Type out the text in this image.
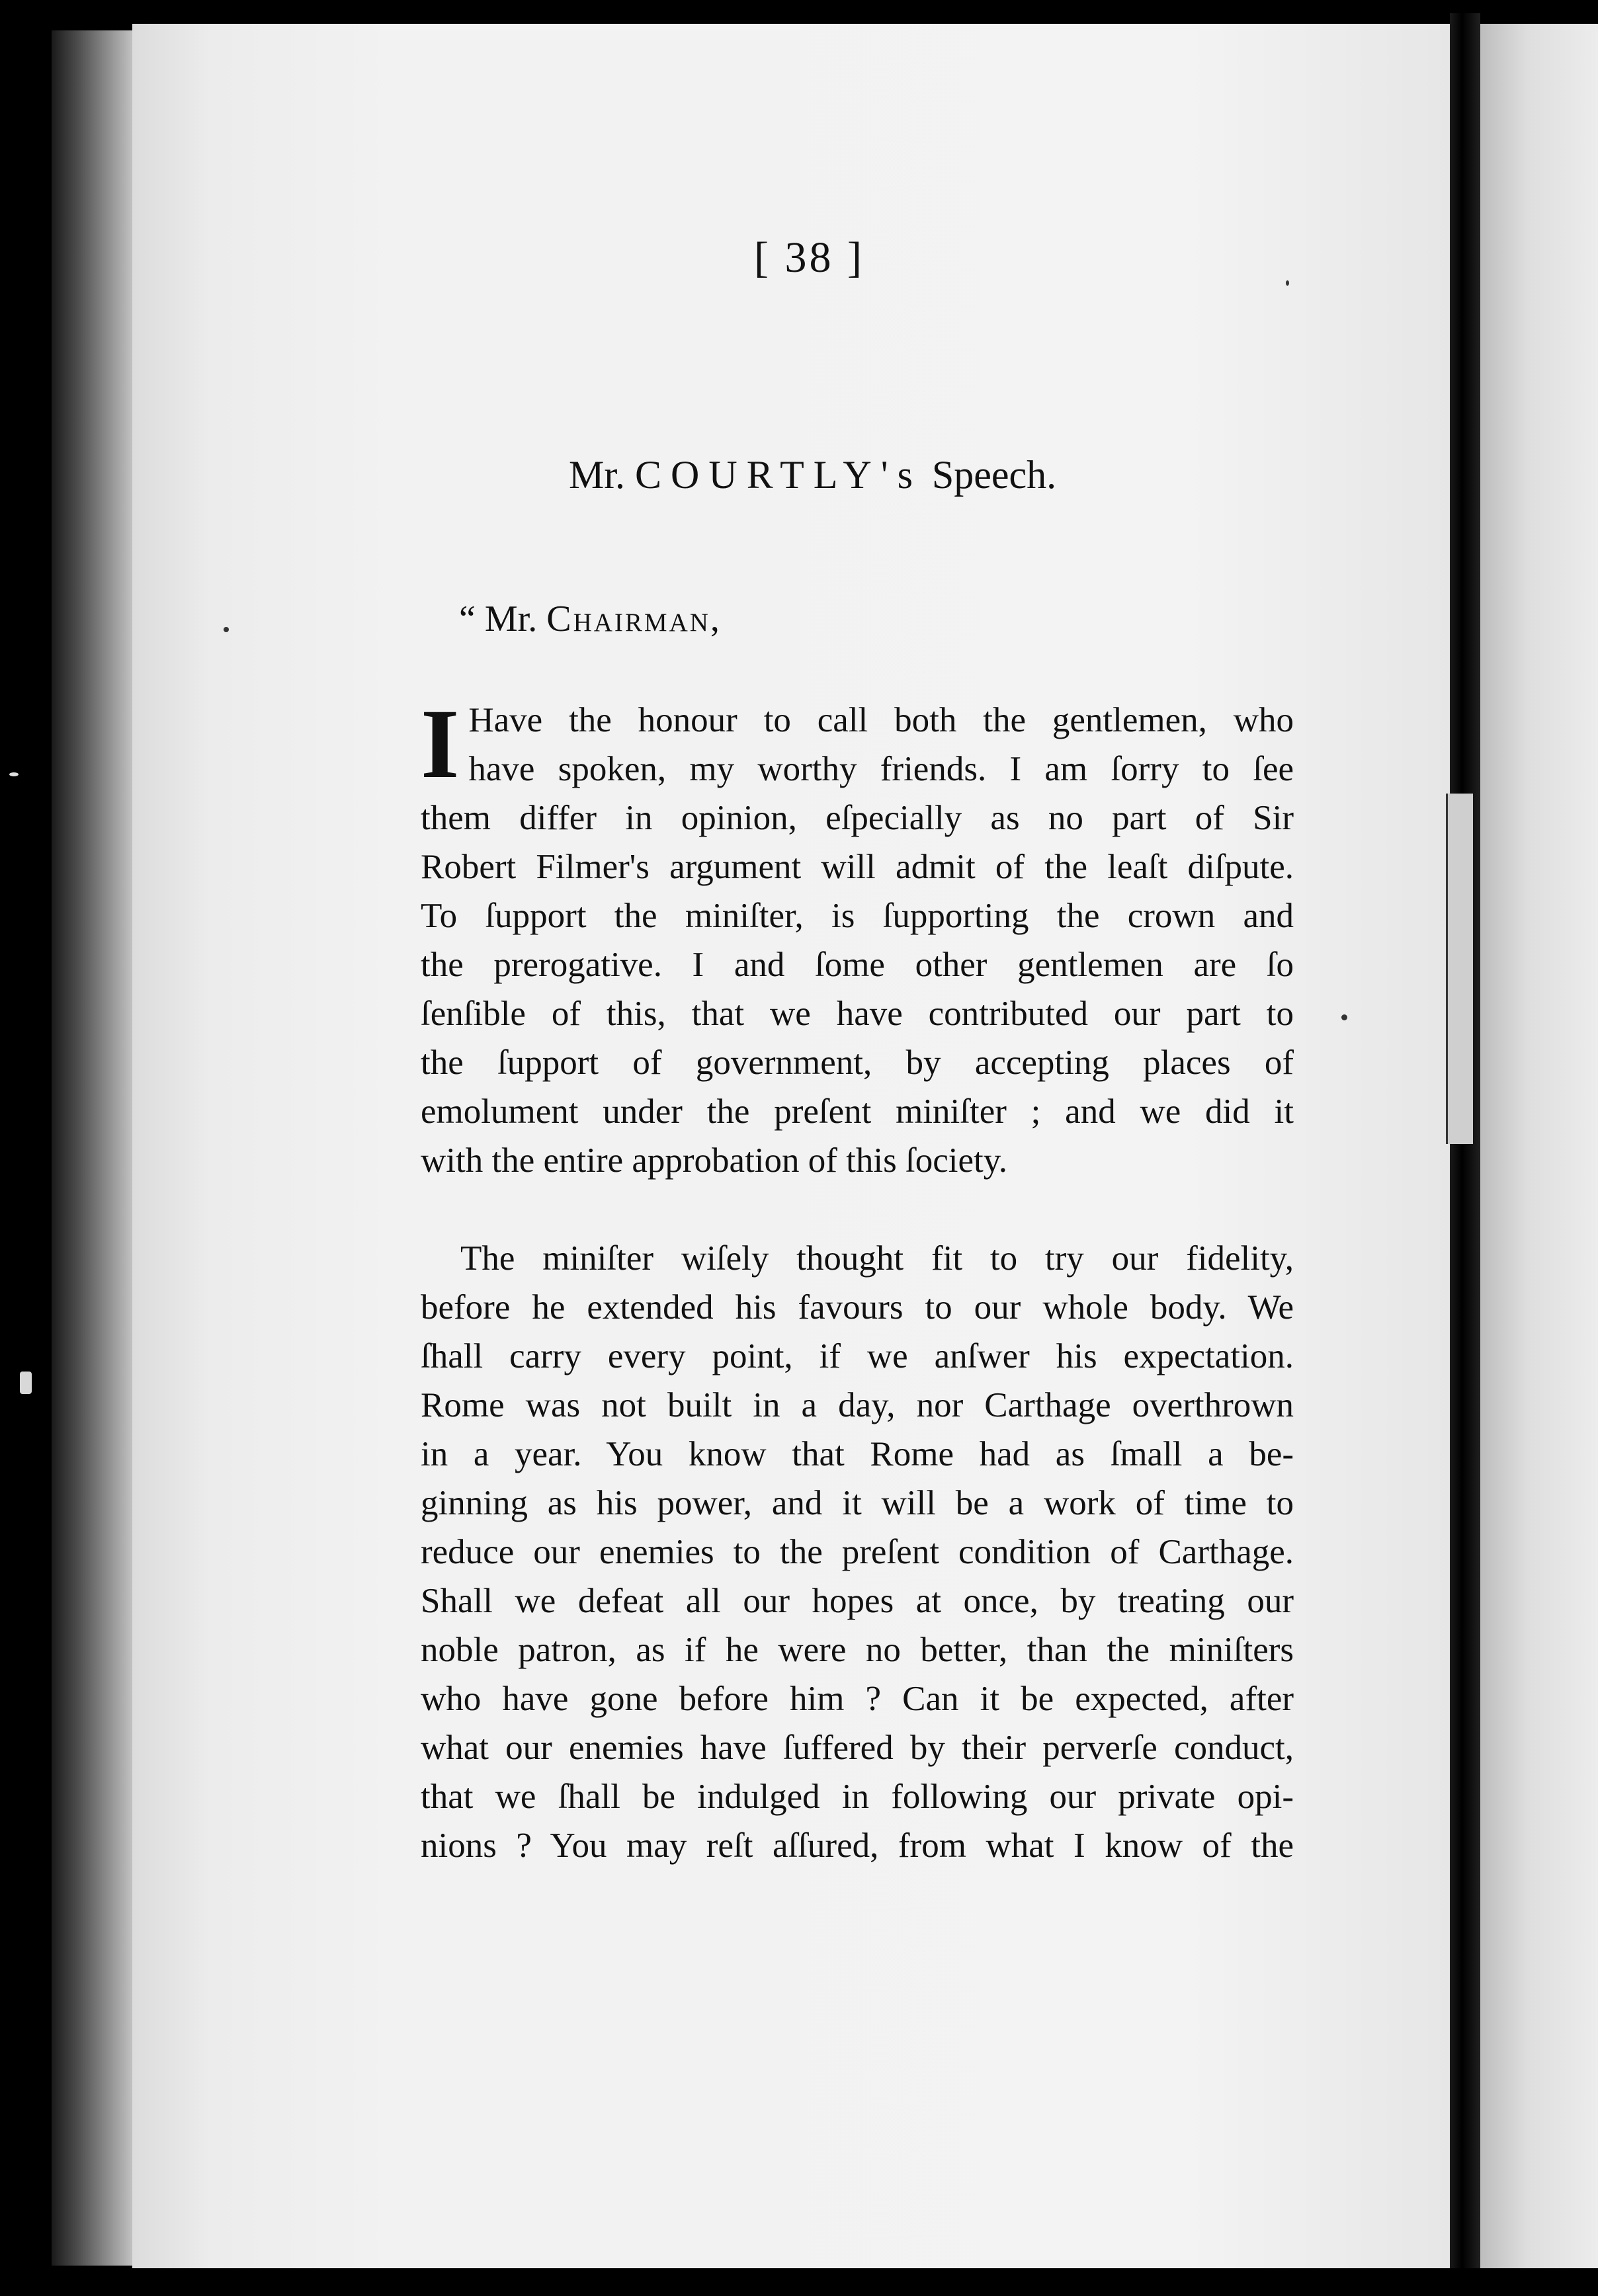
[ 38 ]
Mr. COURTLY's Speech.
“ Mr. Chairman,
I Have the honour to call both the gentlemen, who
have spoken, my worthy friends. I am ſorry to ſee
them differ in opinion, eſpecially as no part of Sir
Robert Filmer's argument will admit of the leaſt diſpute.
To ſupport the miniſter, is ſupporting the crown and
the prerogative. I and ſome other gentlemen are ſo
ſenſible of this, that we have contributed our part to
the ſupport of government, by accepting places of
emolument under the preſent miniſter ; and we did it
with the entire approbation of this ſociety.
The miniſter wiſely thought fit to try our fidelity,
before he extended his favours to our whole body. We
ſhall carry every point, if we anſwer his expectation.
Rome was not built in a day, nor Carthage overthrown
in a year. You know that Rome had as ſmall a be-
ginning as his power, and it will be a work of time to
reduce our enemies to the preſent condition of Carthage.
Shall we defeat all our hopes at once, by treating our
noble patron, as if he were no better, than the miniſters
who have gone before him ? Can it be expected, after
what our enemies have ſuffered by their perverſe conduct,
that we ſhall be indulged in following our private opi-
nions ? You may reſt aſſured, from what I know of the
